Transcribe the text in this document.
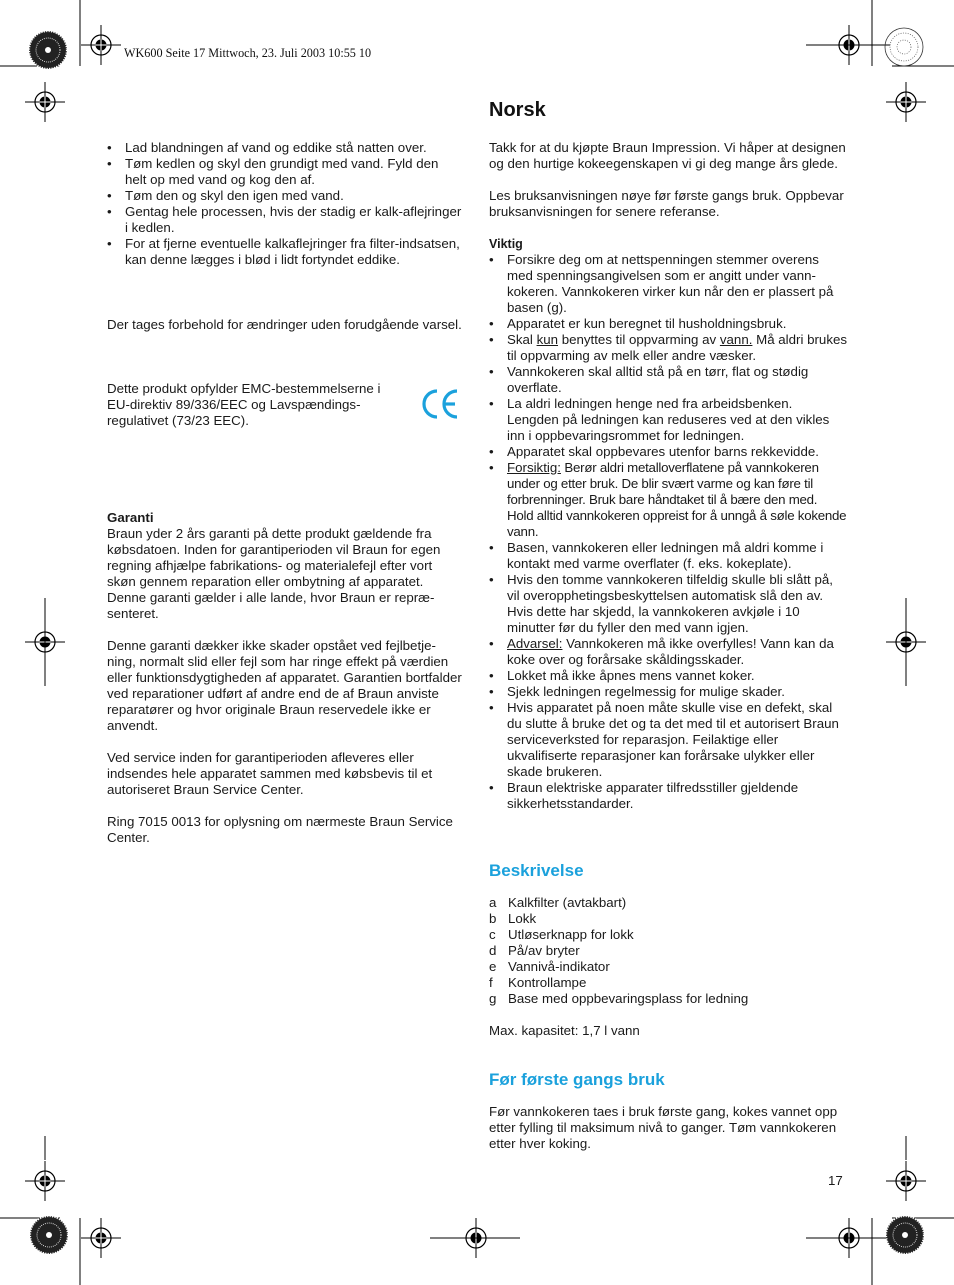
WK600 Seite 17 Mittwoch, 23. Juli 2003 10:55 10
• Lad blandningen af vand og eddike stå natten over.
• Tøm kedlen og skyl den grundigt med vand. Fyld den helt op med vand og kog den af.
• Tøm den og skyl den igen med vand.
• Gentag hele processen, hvis der stadig er kalk-aflejringer i kedlen.
• For at fjerne eventuelle kalkaflejringer fra filter-indsatsen, kan denne lægges i blød i lidt fortyndet eddike.

Der tages forbehold for ændringer uden forudgående varsel.

Dette produkt opfylder EMC-bestemmelserne i EU-direktiv 89/336/EEC og Lavspændings-regulativet (73/23 EEC).

Garanti

Braun yder 2 års garanti på dette produkt gældende fra købsdatoen. Inden for garantiperioden vil Braun for egen regning afhjælpe fabrikations- og materialefejl efter vort skøn gennem reparation eller ombytning af apparatet. Denne garanti gælder i alle lande, hvor Braun er repræ-senteret.

Denne garanti dækker ikke skader opstået ved fejlbetje-ning, normalt slid eller fejl som har ringe effekt på værdien eller funktionsdygtigheden af apparatet. Garantien bortfalder ved reparationer udført af andre end de af Braun anviste reparatører og hvor originale Braun reservedele ikke er anvendt.

Ved service inden for garantiperioden afleveres eller indsendes hele apparatet sammen med købsbevis til et autoriseret Braun Service Center.

Ring 7015 0013 for oplysning om nærmeste Braun Service Center.

Norsk

Takk for at du kjøpte Braun Impression. Vi håper at designen og den hurtige kokeegenskapen vi gi deg mange års glede.

Les bruksanvisningen nøye før første gangs bruk. Oppbevar bruksanvisningen for senere referanse.

Viktig
• Forsikre deg om at nettspenningen stemmer overens med spenningsangivelsen som er angitt under vann-kokeren. Vannkokeren virker kun når den er plassert på basen (g).
• Apparatet er kun beregnet til husholdningsbruk.
• Skal kun benyttes til oppvarming av vann. Må aldri brukes til oppvarming av melk eller andre væsker.
• Vannkokeren skal alltid stå på en tørr, flat og stødig overflate.
• La aldri ledningen henge ned fra arbeidsbenken. Lengden på ledningen kan reduseres ved at den vikles inn i oppbevaringsrommet for ledningen.
• Apparatet skal oppbevares utenfor barns rekkevidde.
• Forsiktig: Berør aldri metalloverflatene på vannkokeren under og etter bruk. De blir svært varme og kan føre til forbrenninger. Bruk bare håndtaket til å bære den med. Hold alltid vannkokeren oppreist for å unngå å søle kokende vann.
• Basen, vannkokeren eller ledningen må aldri komme i kontakt med varme overflater (f. eks. kokeplate).
• Hvis den tomme vannkokeren tilfeldig skulle bli slått på, vil overopphetingsbeskyttelsen automatisk slå den av. Hvis dette har skjedd, la vannkokeren avkjøle i 10 minutter før du fyller den med vann igjen.
• Advarsel: Vannkokeren må ikke overfylles! Vann kan da koke over og forårsake skåldingsskader.
• Lokket må ikke åpnes mens vannet koker.
• Sjekk ledningen regelmessig for mulige skader.
• Hvis apparatet på noen måte skulle vise en defekt, skal du slutte å bruke det og ta det med til et autorisert Braun serviceverksted for reparasjon. Feilaktige eller ukvalifiserte reparasjoner kan forårsake ulykker eller skade brukeren.
• Braun elektriske apparater tilfredsstiller gjeldende sikkerhetsstandarder.
Beskrivelse
a	Kalkfilter (avtakbart)
b	Lokk
c	Utløserknapp for lokk
d	På/av bryter
e	Vannivå-indikator
f	Kontrollampe
g	Base med oppbevaringsplass for ledning

Max. kapasitet: 1,7 l vann

Før første gangs bruk

Før vannkokeren taes i bruk første gang, kokes vannet opp etter fylling til maksimum nivå to ganger. Tøm vannkokeren etter hver koking.

17
